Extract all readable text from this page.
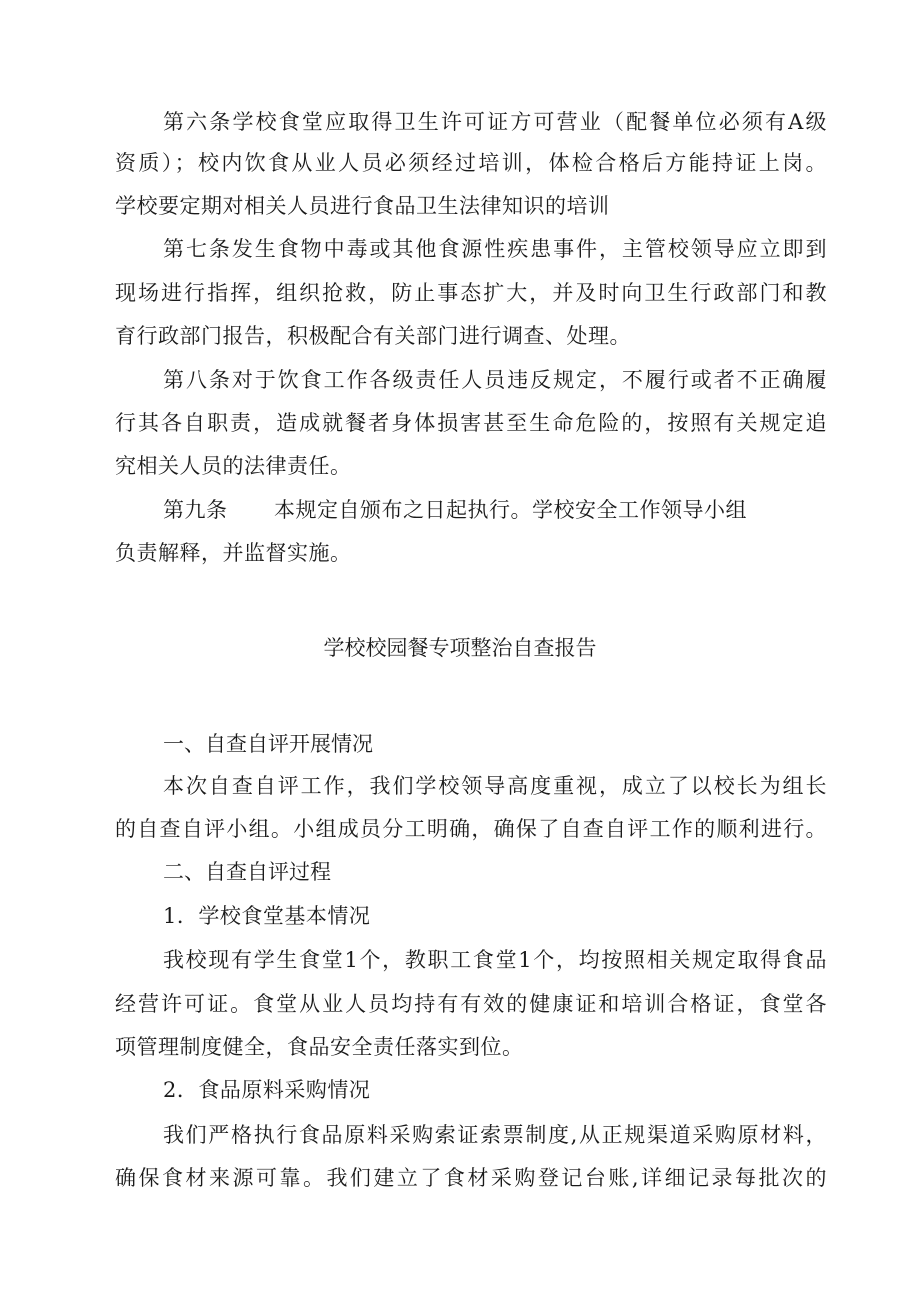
第六条学校食堂应取得卫生许可证方可营业（配餐单位必须有A级
资质）；校内饮食从业人员必须经过培训，体检合格后方能持证上岗。
学校要定期对相关人员进行食品卫生法律知识的培训
第七条发生食物中毒或其他食源性疾患事件，主管校领导应立即到
现场进行指挥，组织抢救，防止事态扩大，并及时向卫生行政部门和教
育行政部门报告，积极配合有关部门进行调查、处理。
第八条对于饮食工作各级责任人员违反规定，不履行或者不正确履
行其各自职责，造成就餐者身体损害甚至生命危险的，按照有关规定追
究相关人员的法律责任。
第九条 本规定自颁布之日起执行。学校安全工作领导小组
负责解释，并监督实施。
学校校园餐专项整治自查报告
一、自查自评开展情况
本次自查自评工作，我们学校领导高度重视，成立了以校长为组长
的自查自评小组。小组成员分工明确，确保了自查自评工作的顺利进行。
二、自查自评过程
1．学校食堂基本情况
我校现有学生食堂1个，教职工食堂1个，均按照相关规定取得食品
经营许可证。食堂从业人员均持有有效的健康证和培训合格证，食堂各
项管理制度健全，食品安全责任落实到位。
2．食品原料采购情况
我们严格执行食品原料采购索证索票制度,从正规渠道采购原材料，
确保食材来源可靠。我们建立了食材采购登记台账,详细记录每批次的
